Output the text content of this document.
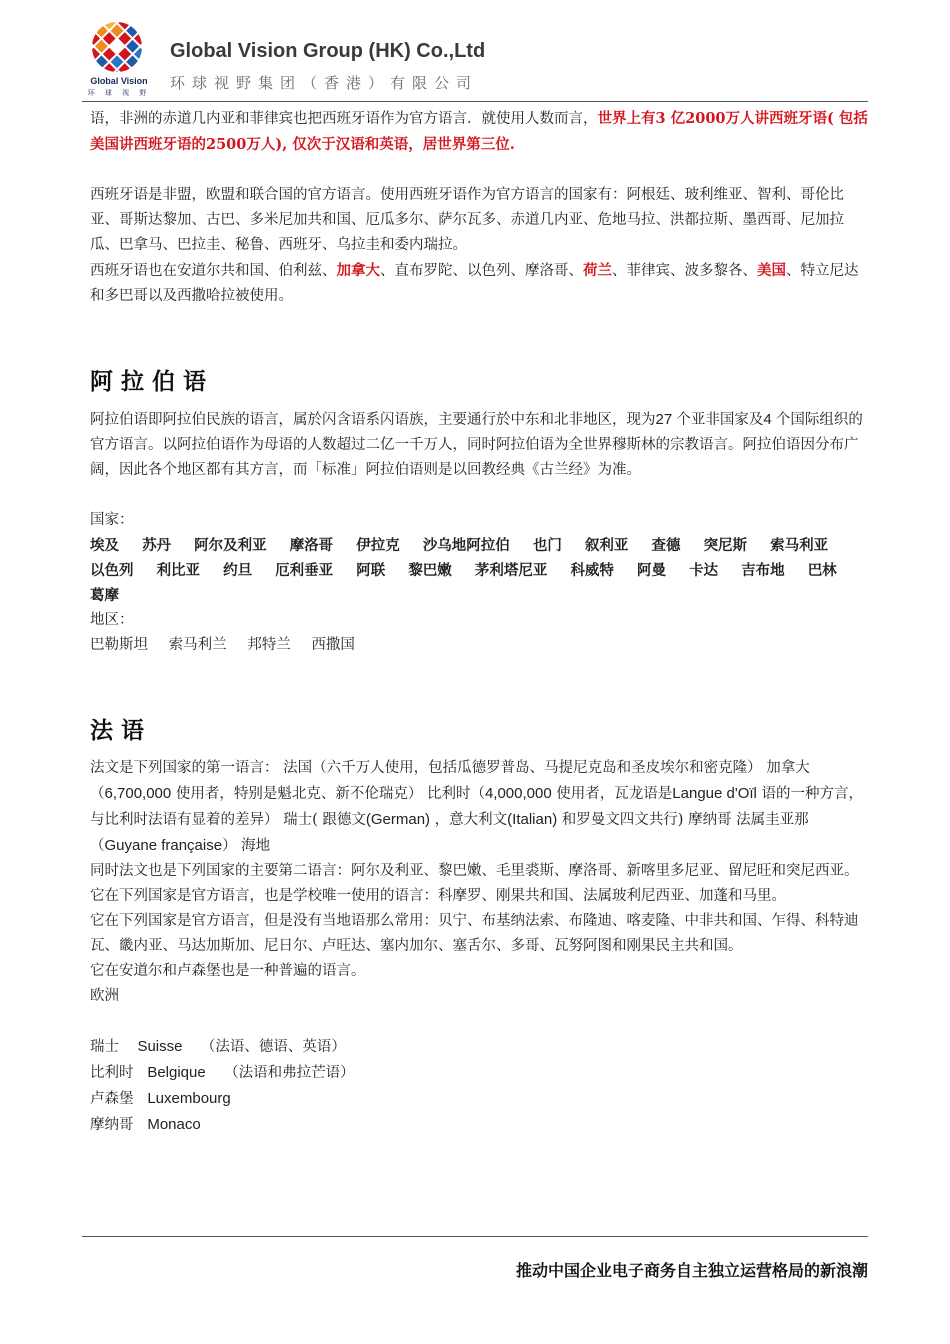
Global Vision
环 球 视 野
Global Vision Group (HK) Co.,Ltd
环球视野集团（香港）有限公司

语，非洲的赤道几内亚和菲律宾也把西班牙语作为官方语言．就使用人数而言，世界上有3 亿2000万人讲西班牙语( 包括美国讲西班牙语的2500万人), 仅次于汉语和英语，居世界第三位.

西班牙语是非盟，欧盟和联合国的官方语言。使用西班牙语作为官方语言的国家有：阿根廷、玻利维亚、智利、哥伦比亚、哥斯达黎加、古巴、多米尼加共和国、厄瓜多尔、萨尔瓦多、赤道几内亚、危地马拉、洪都拉斯、墨西哥、尼加拉瓜、巴拿马、巴拉圭、秘鲁、西班牙、乌拉圭和委内瑞拉。

西班牙语也在安道尔共和国、伯利兹、加拿大、直布罗陀、以色列、摩洛哥、荷兰、菲律宾、波多黎各、美国、特立尼达和多巴哥以及西撒哈拉被使用。

阿拉伯语

阿拉伯语即阿拉伯民族的语言，属於闪含语系闪语族，主要通行於中东和北非地区，现为27 个亚非国家及4 个国际组织的官方语言。以阿拉伯语作为母语的人数超过二亿一千万人，同时阿拉伯语为全世界穆斯林的宗教语言。阿拉伯语因分布广阔，因此各个地区都有其方言，而「标准」阿拉伯语则是以回教经典《古兰经》为准。

国家：

埃及 苏丹 阿尔及利亚 摩洛哥 伊拉克 沙乌地阿拉伯 也门 叙利亚 查德 突尼斯 索马利亚
以色列 利比亚 约旦 厄利垂亚 阿联 黎巴嫩 茅利塔尼亚 科威特 阿曼 卡达 吉布地 巴林
葛摩

地区：

巴勒斯坦 索马利兰 邦特兰 西撒国

法语

法文是下列国家的第一语言： 法国（六千万人使用，包括瓜德罗普岛、马提尼克岛和圣皮埃尔和密克隆） 加拿大（6,700,000 使用者，特别是魁北克、新不伦瑞克） 比利时（4,000,000 使用者，瓦龙语是Langue d'Oïl 语的一种方言，与比利时法语有显着的差异） 瑞士( 跟德文(German) ，意大利文(Italian) 和罗曼文四文共行) 摩纳哥 法属圭亚那（Guyane française） 海地

同时法文也是下列国家的主要第二语言：阿尔及利亚、黎巴嫩、毛里裘斯、摩洛哥、新喀里多尼亚、留尼旺和突尼西亚。

它在下列国家是官方语言，也是学校唯一使用的语言：科摩罗、刚果共和国、法属玻利尼西亚、加蓬和马里。

它在下列国家是官方语言，但是没有当地语那么常用：贝宁、布基纳法索、布隆迪、喀麦隆、中非共和国、乍得、科特迪瓦、畿内亚、马达加斯加、尼日尔、卢旺达、塞内加尔、塞舌尔、多哥、瓦努阿图和刚果民主共和国。

它在安道尔和卢森堡也是一种普遍的语言。

欧洲

瑞士 Suisse （法语、德语、英语）

比利时 Belgique （法语和弗拉芒语）

卢森堡 Luxembourg

摩纳哥 Monaco

推动中国企业电子商务自主独立运营格局的新浪潮
